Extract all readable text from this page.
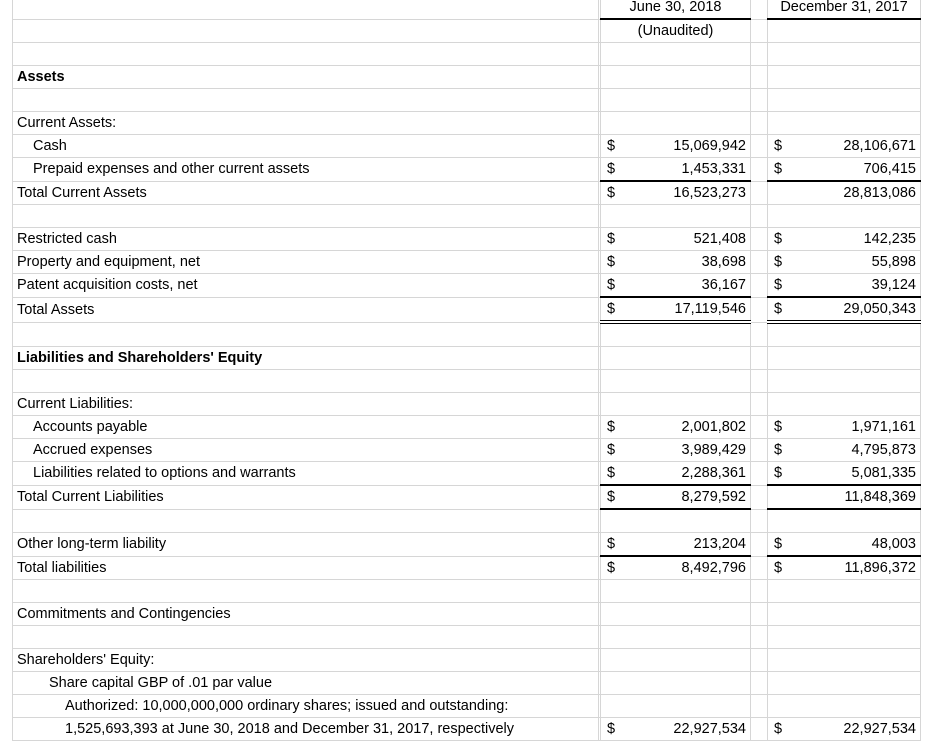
		June 30, 2018		December 31, 2017
		(Unaudited)		

Assets				

Current Assets:				
Cash		$ 15,069,942		$ 28,106,671

Prepaid expenses and other current assets		$ 1,453,331		$ 706,415

Total Current Assets		$ 16,523,273		28,813,086

Restricted cash		$ 521,408		$ 142,235

Property and equipment, net		$ 38,698		$ 55,898

Patent acquisition costs, net		$ 36,167		$ 39,124

Total Assets		$ 17,119,546		$ 29,050,343

Liabilities and Shareholders' Equity				

Current Liabilities:				
Accounts payable		$ 2,001,802		$ 1,971,161

Accrued expenses		$ 3,989,429		$ 4,795,873

Liabilities related to options and warrants		$ 2,288,361		$ 5,081,335

Total Current Liabilities		$ 8,279,592		11,848,369

Other long-term liability		$ 213,204		$ 48,003

Total liabilities		$ 8,492,796		$ 11,896,372

Commitments and Contingencies				

Shareholders' Equity:				
Share capital GBP of .01 par value				
Authorized: 10,000,000,000 ordinary shares; issued and outstanding:				
1,525,693,393 at June 30, 2018 and December 31, 2017, respectively		$ 22,927,534		$ 22,927,534
